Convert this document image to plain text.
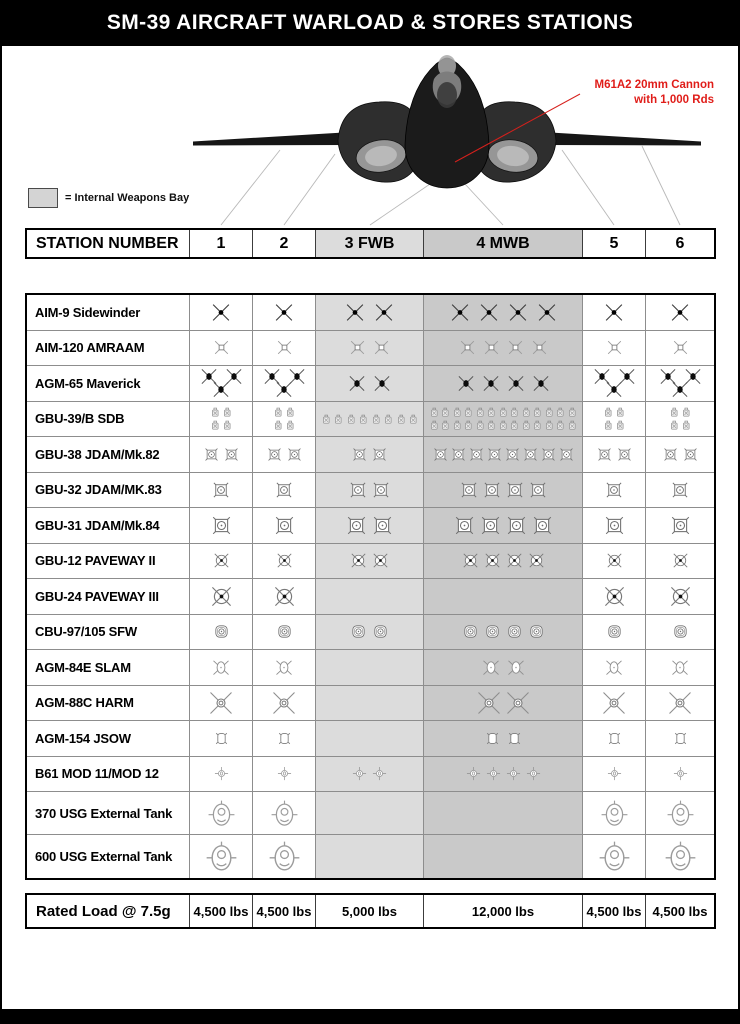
SM-39 AIRCRAFT WARLOAD & STORES STATIONS
M61A2 20mm Cannon
with 1,000 Rds
= Internal Weapons Bay
STATION NUMBER	1	2	3 FWB	4 MWB	5	6
AIM-9 Sidewinder
AIM-120 AMRAAM
AGM-65 Maverick
GBU-39/B SDB
GBU-38 JDAM/Mk.82
GBU-32 JDAM/MK.83
GBU-31 JDAM/Mk.84
GBU-12 PAVEWAY II
GBU-24 PAVEWAY III
CBU-97/105 SFW
AGM-84E SLAM
AGM-88C HARM
AGM-154 JSOW
B61 MOD 11/MOD 12
370 USG External Tank
600 USG External Tank
Rated Load @ 7.5g	4,500 lbs 4,500 lbs	5,000 lbs	12,000 lbs	4,500 lbs 4,500 lbs
